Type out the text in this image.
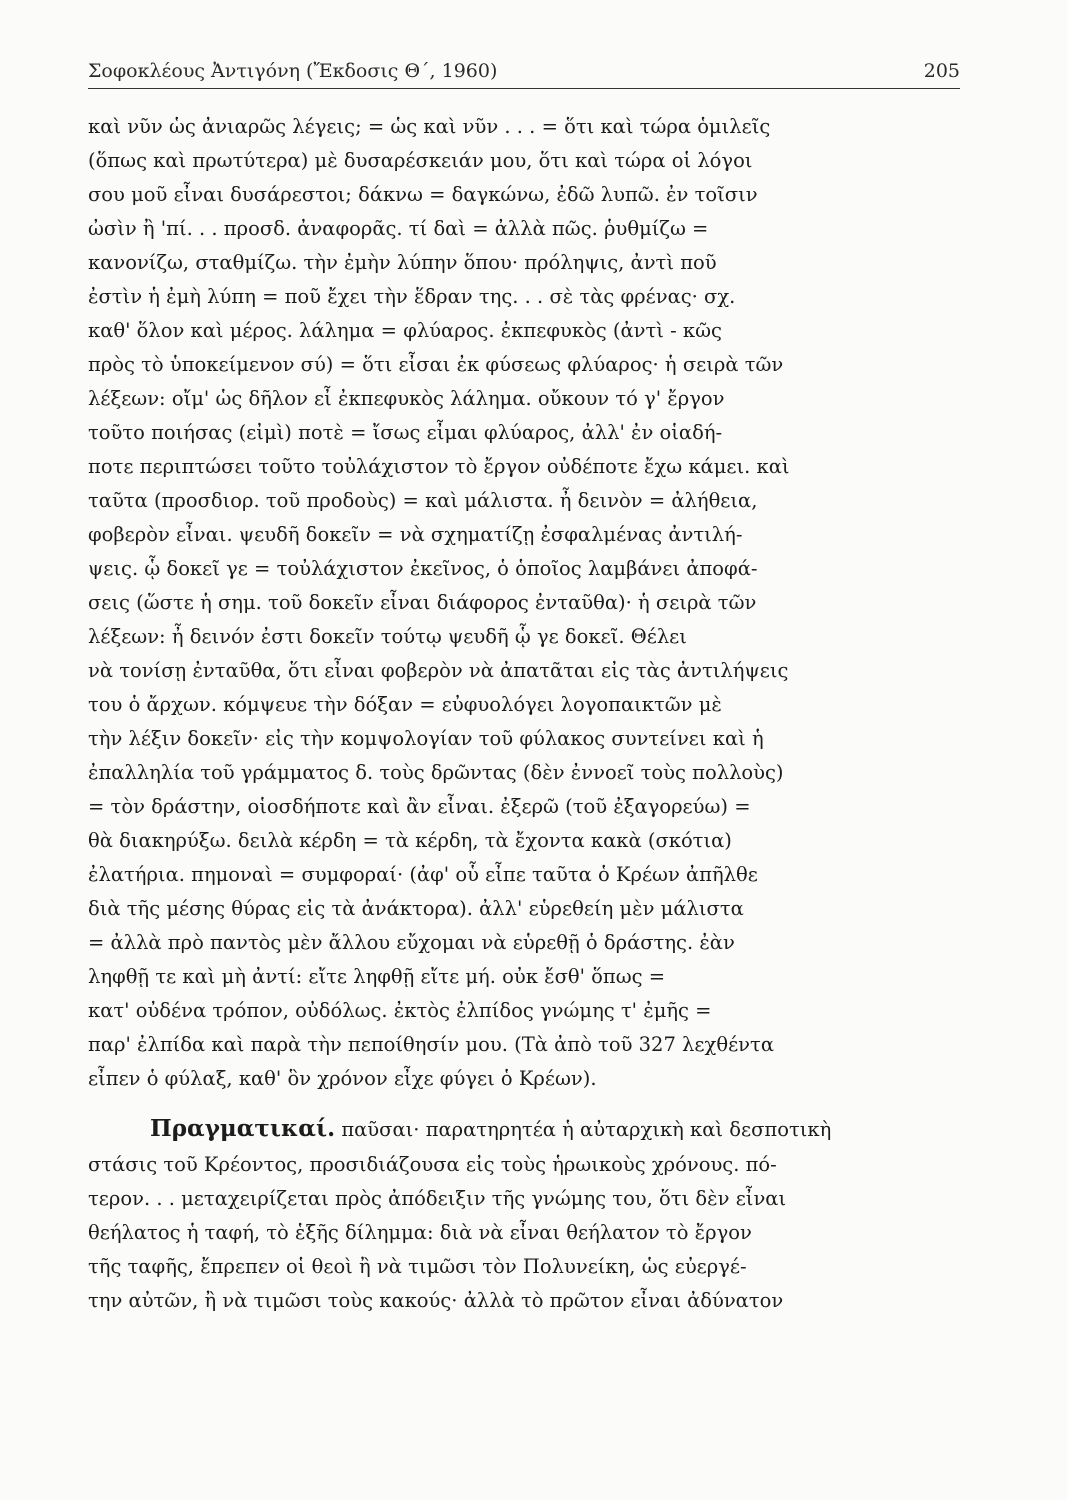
Σοφοκλέους Ἀντιγόνη (Ἔκδοσις Θ΄, 1960)	205
καὶ νῦν ὡς ἀνιαρῶς λέγεις; = ὡς καὶ νῦν . . . = ὅτι καὶ τώρα ὁμιλεῖς
(ὅπως καὶ πρωτύτερα) μὲ δυσαρέσκειάν μου, ὅτι καὶ τώρα οἱ λόγοι
σου μοῦ εἶναι δυσάρεστοι; δάκνω = δαγκώνω, ἐδῶ λυπῶ. ἐν τοῖσιν
ὠσὶν ἢ 'πί. . . προσδ. ἀναφορᾶς. τί δαὶ = ἀλλὰ πῶς. ῥυθμίζω =
κανονίζω, σταθμίζω. τὴν ἐμὴν λύπην ὅπου· πρόληψις, ἀντὶ ποῦ
ἐστὶν ἡ ἐμὴ λύπη = ποῦ ἔχει τὴν ἕδραν της. . . σὲ τὰς φρένας· σχ.
καθ' ὅλον καὶ μέρος. λάλημα = φλύαρος. ἐκπεφυκὸς (ἀντὶ - κῶς
πρὸς τὸ ὑποκείμενον σύ) = ὅτι εἶσαι ἐκ φύσεως φλύαρος· ἡ σειρὰ τῶν
λέξεων: οἴμ' ὡς δῆλον εἶ ἐκπεφυκὸς λάλημα. οὔκουν τό γ' ἔργον
τοῦτο ποιήσας (εἰμὶ) ποτὲ = ἴσως εἶμαι φλύαρος, ἀλλ' ἐν οἱαδή-
ποτε περιπτώσει τοῦτο τοὐλάχιστον τὸ ἔργον οὐδέποτε ἔχω κάμει. καὶ
ταῦτα (προσδιορ. τοῦ προδοὺς) = καὶ μάλιστα. ἦ δεινὸν = ἀλήθεια,
φοβερὸν εἶναι. ψευδῆ δοκεῖν = νὰ σχηματίζῃ ἐσφαλμένας ἀντιλή-
ψεις. ᾧ δοκεῖ γε = τοὐλάχιστον ἐκεῖνος, ὁ ὁποῖος λαμβάνει ἀποφά-
σεις (ὥστε ἡ σημ. τοῦ δοκεῖν εἶναι διάφορος ἐνταῦθα)· ἡ σειρὰ τῶν
λέξεων: ἦ δεινόν ἐστι δοκεῖν τούτῳ ψευδῆ ᾧ γε δοκεῖ. Θέλει
νὰ τονίσῃ ἐνταῦθα, ὅτι εἶναι φοβερὸν νὰ ἀπατᾶται εἰς τὰς ἀντιλήψεις
του ὁ ἄρχων. κόμψευε τὴν δόξαν = εὐφυολόγει λογοπαικτῶν μὲ
τὴν λέξιν δοκεῖν· εἰς τὴν κομψολογίαν τοῦ φύλακος συντείνει καὶ ἡ
ἐπαλληλία τοῦ γράμματος δ. τοὺς δρῶντας (δὲν ἐννοεῖ τοὺς πολλοὺς)
= τὸν δράστην, οἱοσδήποτε καὶ ἂν εἶναι. ἐξερῶ (τοῦ ἐξαγορεύω) =
θὰ διακηρύξω. δειλὰ κέρδη = τὰ κέρδη, τὰ ἔχοντα κακὰ (σκότια)
ἐλατήρια. πημοναὶ = συμφοραί· (ἀφ' οὗ εἶπε ταῦτα ὁ Κρέων ἀπῆλθε
διὰ τῆς μέσης θύρας εἰς τὰ ἀνάκτορα). ἀλλ' εὑρεθείη μὲν μάλιστα
= ἀλλὰ πρὸ παντὸς μὲν ἄλλου εὔχομαι νὰ εὑρεθῇ ὁ δράστης. ἐὰν
ληφθῇ τε καὶ μὴ ἀντί: εἴτε ληφθῇ εἴτε μή. οὐκ ἔσθ' ὅπως =
κατ' οὐδένα τρόπον, οὐδόλως. ἐκτὸς ἐλπίδος γνώμης τ' ἐμῆς =
παρ' ἐλπίδα καὶ παρὰ τὴν πεποίθησίν μου. (Τὰ ἀπὸ τοῦ 327 λεχθέντα
εἶπεν ὁ φύλαξ, καθ' ὃν χρόνον εἶχε φύγει ὁ Κρέων).
Πραγματικαί. παῦσαι· παρατηρητέα ἡ αὐταρχικὴ καὶ δεσποτικὴ
στάσις τοῦ Κρέοντος, προσιδιάζουσα εἰς τοὺς ἡρωικοὺς χρόνους. πό-
τερον. . . μεταχειρίζεται πρὸς ἀπόδειξιν τῆς γνώμης του, ὅτι δὲν εἶναι
θεήλατος ἡ ταφή, τὸ ἑξῆς δίλημμα: διὰ νὰ εἶναι θεήλατον τὸ ἔργον
τῆς ταφῆς, ἔπρεπεν οἱ θεοὶ ἢ νὰ τιμῶσι τὸν Πολυνείκη, ὡς εὐεργέ-
την αὐτῶν, ἢ νὰ τιμῶσι τοὺς κακούς· ἀλλὰ τὸ πρῶτον εἶναι ἀδύνατον
